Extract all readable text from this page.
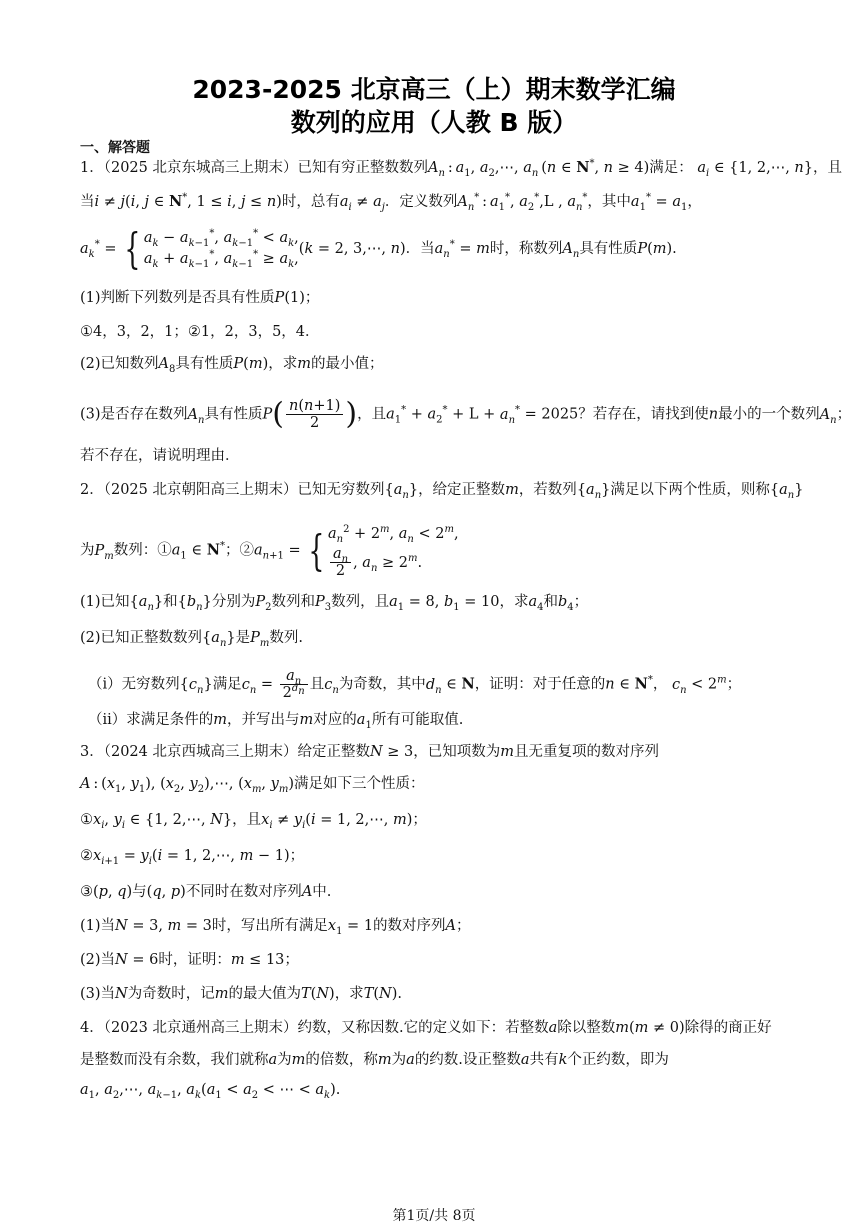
2023-2025 北京高三（上）期末数学汇编
数列的应用（人教 B 版）
一、解答题
1．（2025 北京东城高三上期末）已知有穷正整数数列$A_n$ : $a_1$, $a_2,\cdots$, $a_n$ (n ∈ N*, n ≥ 4)满足： $a_i$ ∈ {1, 2,⋯, n}，且
当i ≠ j(i, j ∈ N*, 1 ≤ i, j ≤ n)时，总有$a_i \ne a_j$．定义数列$A_n^*$ : $a_1^*$, $a_2^*,L$ , $a_n^*$，其中$a_1^* = a_1$，
$a_k^*$ = { $a_k - a_{k-1}^*$, $a_{k-1}^* < a_k$,
$a_k + a_{k-1}^*$, $a_{k-1}^* \ge a_k,(k = 2$, 3,⋯, n)．当$a_n^* = m$时，称数列$A_n$具有性质P(m).
(1)判断下列数列是否具有性质P(1)；
①4，3，2，1；②1，2，3，5，4．
(2)已知数列$A_8$具有性质P(m)，求m的最小值；
(3)是否存在数列$A_n$具有性质$P( \frac{n(n+1)}{2}$ )，且$a_1^* + a_2^* + L + a_n^* = 2025$？若存在，请找到使n最小的一个数列$A_n$；
若不存在，请说明理由．
2．（2025 北京朝阳高三上期末）已知无穷数列$\{a_n\}$，给定正整数m，若数列$\{a_n\}$满足以下两个性质，则称$\{a_n\}$
为$P_m$数列：$①a_1$ ∈ N*；$②a_{n+1}$ = { $a_n^2 + 2^m$, $a_n < 2^m$,

$\frac{a_n}{2}$ , $a_n \ge 2^m$.
(1)已知$\{a_n\}$和$\{b_n\}$分别为$P_2$数列和$P_3$数列，且$a_1 = 8$, $b_1 = 10$，求$a_4$和$b_4$；
(2)已知正整数数列$\{a_n\}$是$P_m$数列.
（i）无穷数列$\{c_n\}$满足$c_n = \frac{a_n}{2^{d_n}}$ 且$c_n$为奇数，其中$d_n$ ∈ N，证明：对于任意的n ∈ N*， $c_n < 2^m$；
（ii）求满足条件的m，并写出与m对应的$a_1$所有可能取值.
3．（2024 北京西城高三上期末）给定正整数N ≥ 3，已知项数为m且无重复项的数对序列
A : ($x_1$, $y_1$), ($x_2$, $y_2),\cdots$, ($x_m$, $y_m$)满足如下三个性质：
$①x_i$, $y_i$ ∈ {1, 2,⋯, N}，且$x_i \ne y_i(i = 1$, 2,⋯, m)；
$②x_{i+1} = y_i(i = 1$, 2,⋯, m − 1)；
③(p, q)与(q, p)不同时在数对序列A中.
(1)当N = 3, m = 3时，写出所有满足$x_1 = 1$的数对序列A；
(2)当N = 6时，证明：m ≤ 13；
(3)当N为奇数时，记m的最大值为T(N)，求T(N).
4．（2023 北京通州高三上期末）约数，又称因数.它的定义如下：若整数a除以整数m(m ≠ 0)除得的商正好
是整数而没有余数，我们就称a为m的倍数，称m为a的约数.设正整数a共有k个正约数，即为
$a_1$, $a_2,\cdots$, $a_{k-1}$, $a_k(a_1 < a_2$ < ⋯ < $a_k$).
第1页/共 8页
